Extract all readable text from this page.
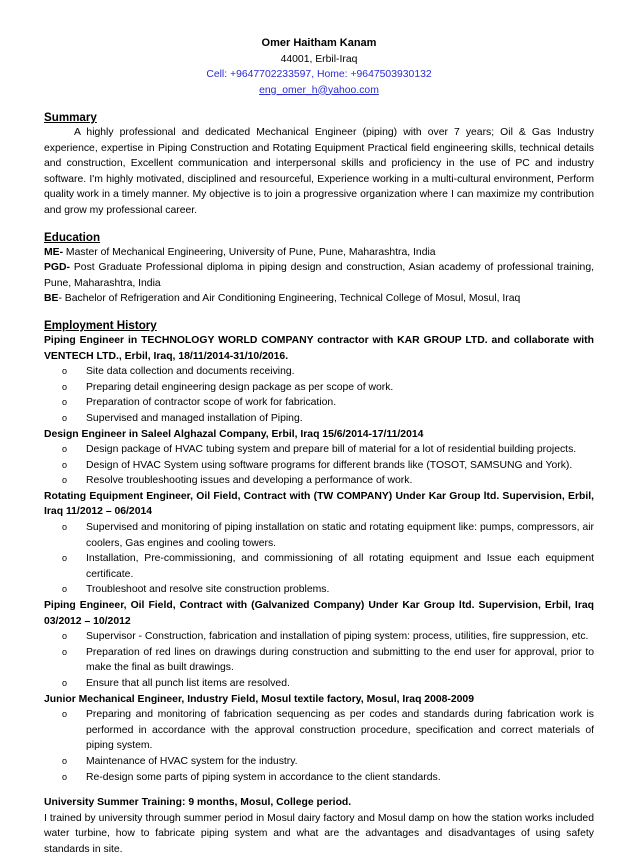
Omer Haitham Kanam
44001, Erbil-Iraq
Cell: +9647702233597, Home: +9647503930132
eng_omer_h@yahoo.com
Summary

A highly professional and dedicated Mechanical Engineer (piping) with over 7 years; Oil & Gas Industry experience, expertise in Piping Construction and Rotating Equipment Practical field engineering skills, technical details and construction, Excellent communication and interpersonal skills and proficiency in the use of PC and industry software. I'm highly motivated, disciplined and resourceful, Experience working in a multi-cultural environment, Perform quality work in a timely manner. My objective is to join a progressive organization where I can maximize my contribution and grow my professional career.

Education
ME- Master of Mechanical Engineering, University of Pune, Pune, Maharashtra, India
PGD- Post Graduate Professional diploma in piping design and construction, Asian academy of professional training, Pune, Maharashtra, India
BE- Bachelor of Refrigeration and Air Conditioning Engineering, Technical College of Mosul, Mosul, Iraq
Employment History
Piping Engineer in TECHNOLOGY WORLD COMPANY contractor with KAR GROUP LTD. and collaborate with VENTECH LTD., Erbil, Iraq, 18/11/2014-31/10/2016.
o Site data collection and documents receiving.
o Preparing detail engineering design package as per scope of work.
o Preparation of contractor scope of work for fabrication.
o Supervised and managed installation of Piping.
Design Engineer in Saleel Alghazal Company, Erbil, Iraq 15/6/2014-17/11/2014
o Design package of HVAC tubing system and prepare bill of material for a lot of residential building projects.
o Design of HVAC System using software programs for different brands like (TOSOT, SAMSUNG and York).
o Resolve troubleshooting issues and developing a performance of work.
Rotating Equipment Engineer, Oil Field, Contract with (TW COMPANY) Under Kar Group ltd. Supervision, Erbil, Iraq 11/2012 – 06/2014
o Supervised and monitoring of piping installation on static and rotating equipment like: pumps, compressors, air coolers, Gas engines and cooling towers.
o Installation, Pre-commissioning, and commissioning of all rotating equipment and Issue each equipment certificate.
o Troubleshoot and resolve site construction problems.
Piping Engineer, Oil Field, Contract with (Galvanized Company) Under Kar Group ltd. Supervision, Erbil, Iraq 03/2012 – 10/2012
o Supervisor - Construction, fabrication and installation of piping system: process, utilities, fire suppression, etc.
o Preparation of red lines on drawings during construction and submitting to the end user for approval, prior to make the final as built drawings.
o Ensure that all punch list items are resolved.
Junior Mechanical Engineer, Industry Field, Mosul textile factory, Mosul, Iraq 2008-2009
o Preparing and monitoring of fabrication sequencing as per codes and standards during fabrication work is performed in accordance with the approval construction procedure, specification and correct materials of piping system.
o Maintenance of HVAC system for the industry.
o Re-design some parts of piping system in accordance to the client standards.
University Summer Training: 9 months, Mosul, College period.

I trained by university through summer period in Mosul dairy factory and Mosul damp on how the station works included water turbine, how to fabricate piping system and what are the advantages and disadvantages of using safety standards in site.
